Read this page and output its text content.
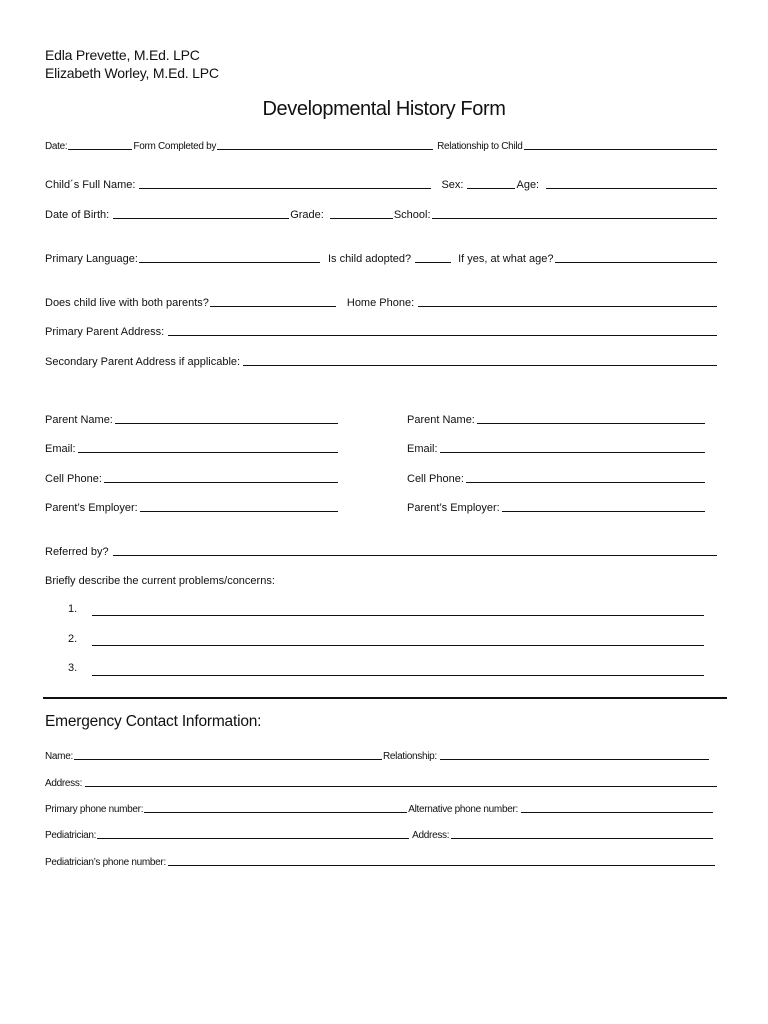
Edla Prevette, M.Ed. LPC
Elizabeth Worley, M.Ed. LPC
Developmental History Form
Date:	Form Completed by	Relationship to Child
Child´s Full Name:	Sex:	Age:
Date of Birth:	Grade:	School:
Primary Language:	Is child adopted?	If yes, at what age?
Does child live with both parents?	Home Phone:
Primary Parent Address:
Secondary Parent Address if applicable:
Parent Name:
Email:
Cell Phone:
Parent’s Employer:
Parent Name:
Email:
Cell Phone:
Parent’s Employer:
Referred by?
Briefly describe the current problems/concerns:
1.
2.
3.
Emergency Contact Information:
Name:	Relationship:
Address:
Primary phone number:	Alternative phone number:
Pediatrician:	Address:
Pediatrician’s phone number:
